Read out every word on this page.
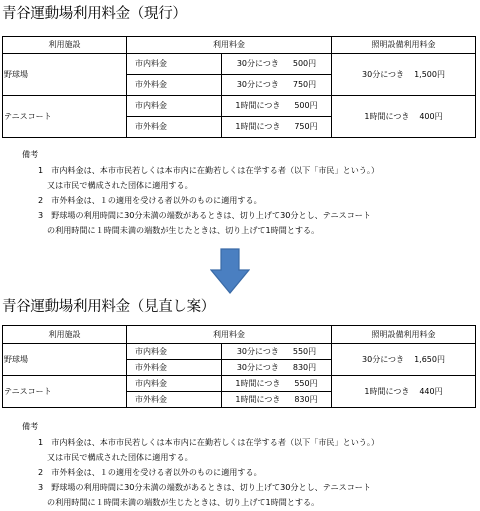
青谷運動場利用料金（現行）
利用施設	利用料金		照明設備利用料金
野球場	市内料金	30分につき 500円	30分につき 1,500円
	市外料金	30分につき 750円	
テニスコート	市内料金	1時間につき 500円	1時間につき 400円
	市外料金	1時間につき 750円	
備考
1　市内料金は、本市市民若しくは本市内に在勤若しくは在学する者（以下「市民」という。）
又は市民で構成された団体に適用する。
2　市外料金は、１の適用を受ける者以外のものに適用する。
3　野球場の利用時間に30分未満の端数があるときは、切り上げて30分とし、テニスコート
の利用時間に１時間未満の端数が生じたときは、切り上げて1時間とする。
青谷運動場利用料金（見直し案）
利用施設	利用料金		照明設備利用料金
野球場	市内料金	30分につき 550円	30分につき 1,650円
	市外料金	30分につき 830円	
テニスコート	市内料金	1時間につき 550円	1時間につき 440円
	市外料金	1時間につき 830円	
備考
1　市内料金は、本市市民若しくは本市内に在勤若しくは在学する者（以下「市民」という。）
又は市民で構成された団体に適用する。
2　市外料金は、１の適用を受ける者以外のものに適用する。
3　野球場の利用時間に30分未満の端数があるときは、切り上げて30分とし、テニスコート
の利用時間に１時間未満の端数が生じたときは、切り上げて1時間とする。
